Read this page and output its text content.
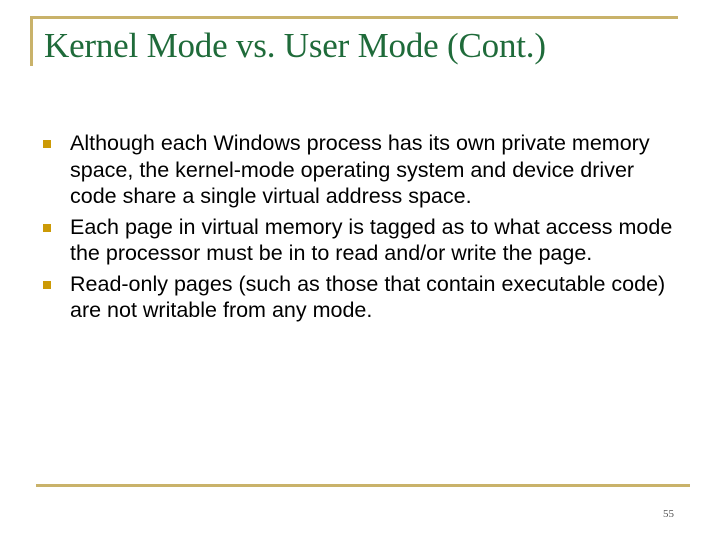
Kernel Mode vs. User Mode (Cont.)
Although each Windows process has its own private memory space, the kernel-mode operating system and device driver code share a single virtual address space.
Each page in virtual memory is tagged as to what access mode the processor must be in to read and/or write the page.
Read-only pages (such as those that contain executable code) are not writable from any mode.
55
